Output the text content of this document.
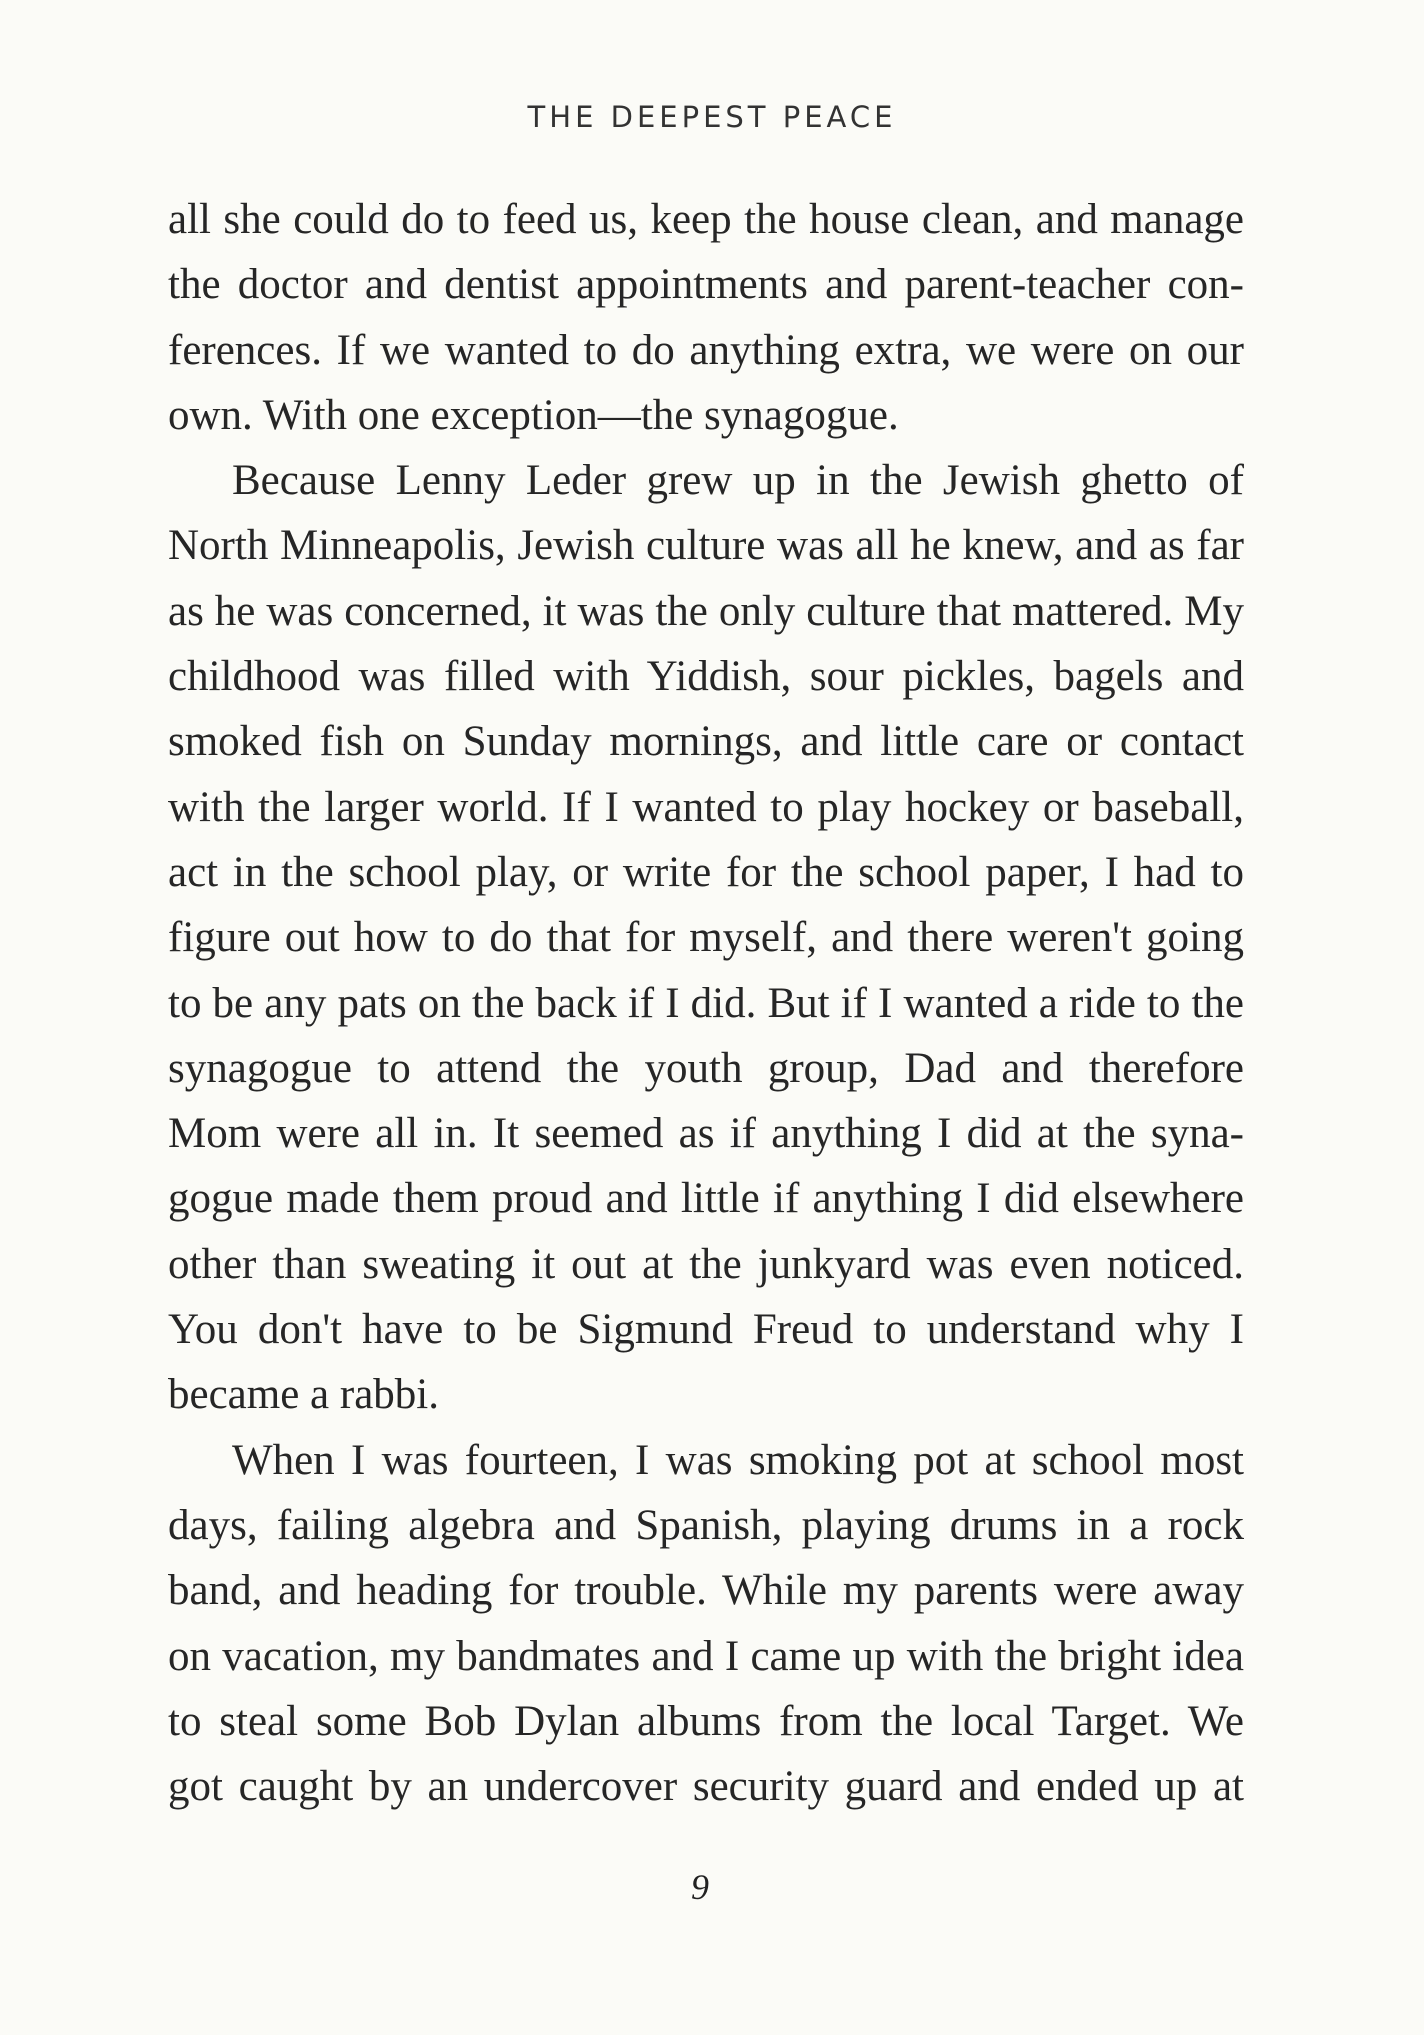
THE DEEPEST PEACE
all she could do to feed us, keep the house clean, and manage
the doctor and dentist appointments and parent-teacher con-
ferences. If we wanted to do anything extra, we were on our
own. With one exception—the synagogue.
Because Lenny Leder grew up in the Jewish ghetto of
North Minneapolis, Jewish culture was all he knew, and as far
as he was concerned, it was the only culture that mattered. My
childhood was filled with Yiddish, sour pickles, bagels and
smoked fish on Sunday mornings, and little care or contact
with the larger world. If I wanted to play hockey or baseball,
act in the school play, or write for the school paper, I had to
figure out how to do that for myself, and there weren't going
to be any pats on the back if I did. But if I wanted a ride to the
synagogue to attend the youth group, Dad and therefore
Mom were all in. It seemed as if anything I did at the syna-
gogue made them proud and little if anything I did elsewhere
other than sweating it out at the junkyard was even noticed.
You don't have to be Sigmund Freud to understand why I
became a rabbi.
When I was fourteen, I was smoking pot at school most
days, failing algebra and Spanish, playing drums in a rock
band, and heading for trouble. While my parents were away
on vacation, my bandmates and I came up with the bright idea
to steal some Bob Dylan albums from the local Target. We
got caught by an undercover security guard and ended up at
9
